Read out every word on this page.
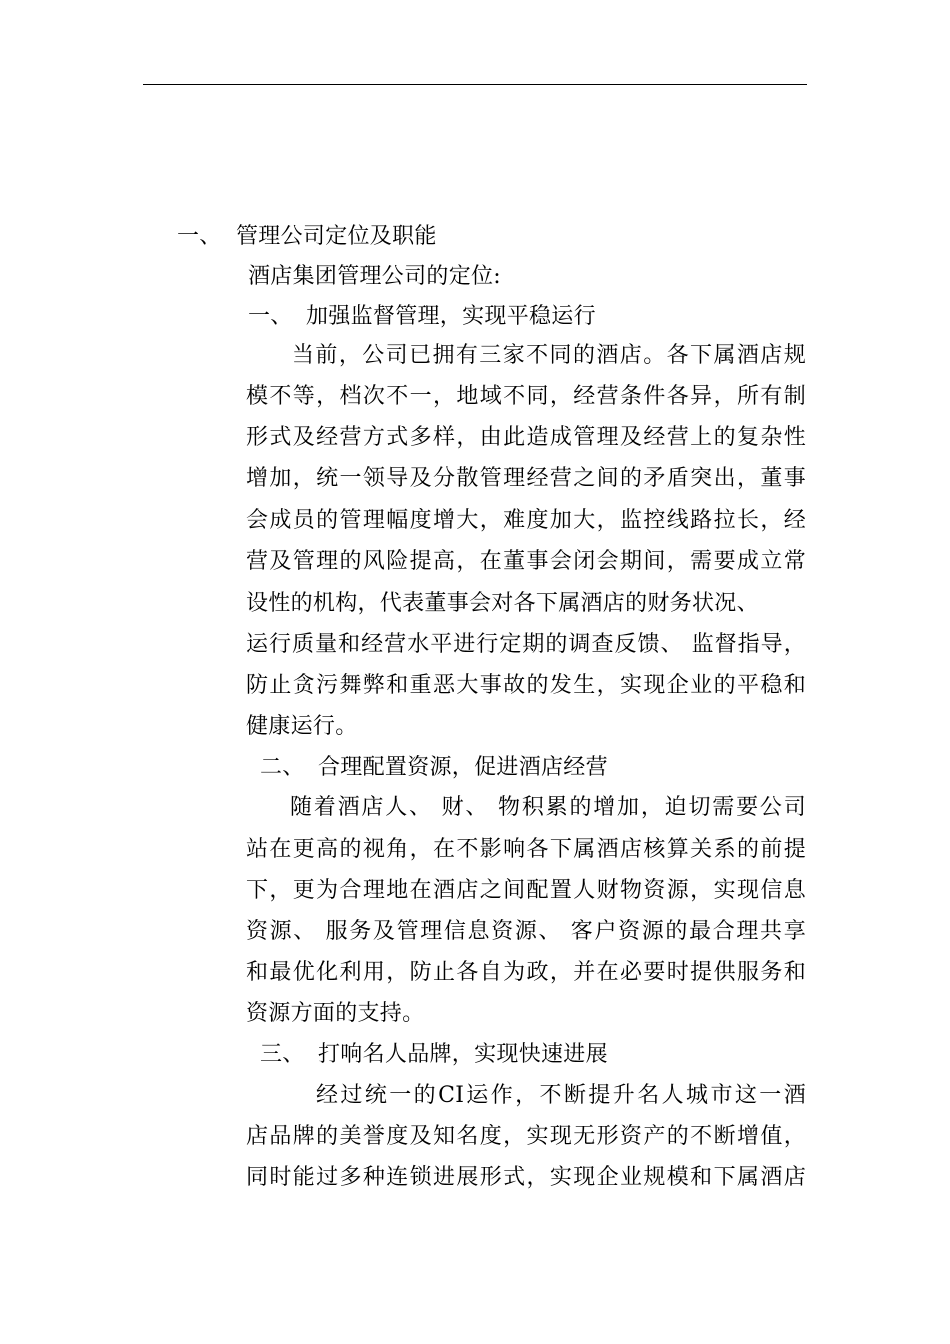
一、 管理公司定位及职能
酒店集团管理公司的定位:
一、 加强监督管理，实现平稳运行
当前，公司已拥有三家不同的酒店。各下属酒店规
模不等，档次不一，地域不同，经营条件各异，所有制
形式及经营方式多样，由此造成管理及经营上的复杂性
增加，统一领导及分散管理经营之间的矛盾突出，董事
会成员的管理幅度增大，难度加大，监控线路拉长，经
营及管理的风险提高，在董事会闭会期间，需要成立常
设性的机构，代表董事会对各下属酒店的财务状况、
运行质量和经营水平进行定期的调查反馈、 监督指导，
防止贪污舞弊和重恶大事故的发生，实现企业的平稳和
健康运行。
二、 合理配置资源，促进酒店经营
随着酒店人、 财、 物积累的增加，迫切需要公司
站在更高的视角，在不影响各下属酒店核算关系的前提
下，更为合理地在酒店之间配置人财物资源，实现信息
资源、 服务及管理信息资源、 客户资源的最合理共享
和最优化利用，防止各自为政，并在必要时提供服务和
资源方面的支持。
三、 打响名人品牌，实现快速进展
经过统一的CI运作，不断提升名人城市这一酒
店品牌的美誉度及知名度，实现无形资产的不断增值，
同时能过多种连锁进展形式，实现企业规模和下属酒店
